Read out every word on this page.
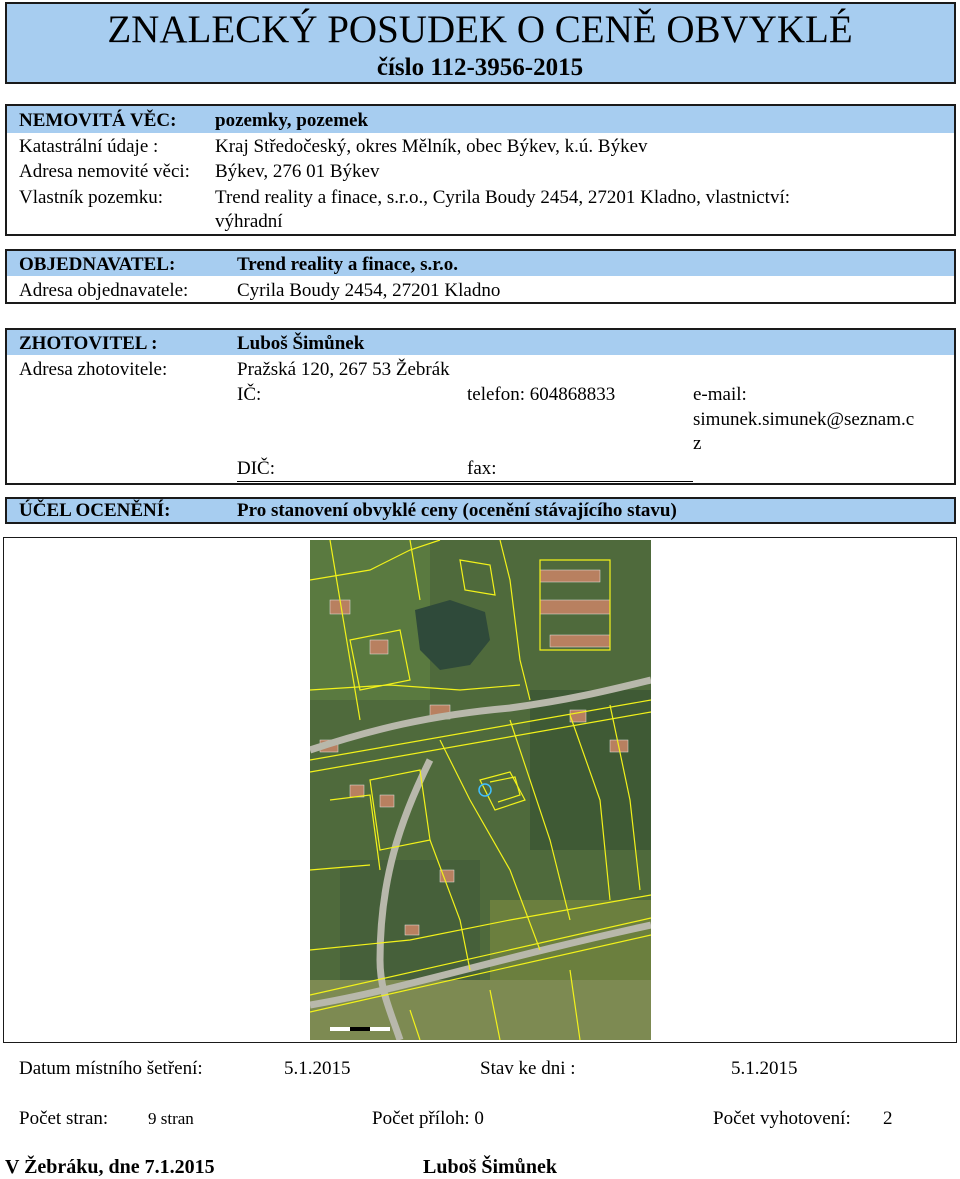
ZNALECKÝ POSUDEK O CENĚ OBVYKLÉ
číslo 112-3956-2015
NEMOVITÁ VĚC: pozemky, pozemek
Katastrální údaje :	Kraj Středočeský, okres Mělník, obec Býkev, k.ú. Býkev
Adresa nemovité věci: Býkev, 276 01 Býkev
Vlastník pozemku:	Trend reality a finace, s.r.o., Cyrila Boudy 2454, 27201 Kladno, vlastnictví:
výhradní
OBJEDNAVATEL:	Trend reality a finace, s.r.o.
Adresa objednavatele:	Cyrila Boudy 2454, 27201 Kladno
ZHOTOVITEL :	Luboš Šimůnek
Adresa zhotovitele:	Pražská 120, 267 53 Žebrák
IČ:	telefon: 604868833	e-mail:
simunek.simunek@seznam.c
z
DIČ:	fax:
ÚČEL OCENĚNÍ:	Pro stanovení obvyklé ceny (ocenění stávajícího stavu)
Datum místního šetření:	5.1.2015	Stav ke dni :	5.1.2015
Počet stran: 9 stran	Počet příloh: 0	Počet vyhotovení: 2
V Žebráku, dne 7.1.2015	Luboš Šimůnek
